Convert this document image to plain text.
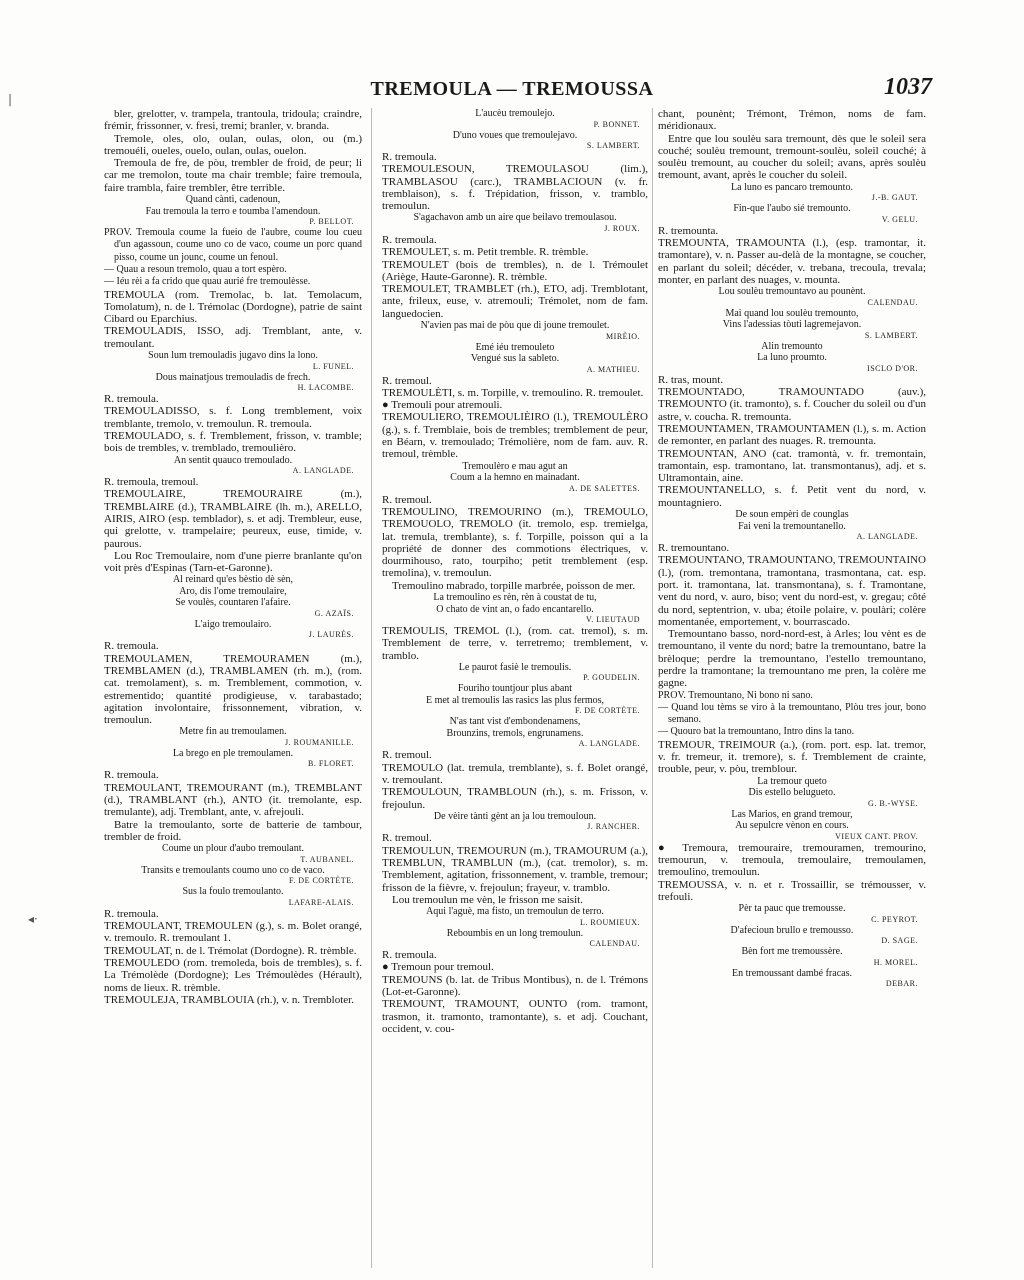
|
◂·
TREMOULA — TREMOUSSA	1037

bler, grelotter, v. trampela, trantoula, tridoula; craindre, frémir, frissonner, v. fresi, tremi; branler, v. branda.

Tremole, oles, olo, oulan, oulas, olon, ou (m.) tremouéli, oueles, ouelo, oulan, oulas, ouelon.

Tremoula de fre, de pòu, trembler de froid, de peur; li car me tremolon, toute ma chair tremble; faire tremoula, faire trambla, faire trembler, être terrible.

Quand cànti, cadenoun,

Fau tremoula la terro e toumba l'amendoun.

P. BELLOT.

PROV. Tremoula coume la fueio de l'aubre, coume lou cueu d'un agassoun, coume uno co de vaco, coume un porc quand pisso, coume un jounc, coume un fenoul.

— Quau a resoun tremolo, quau a tort espèro.

— Iéu rèi a fa crido que quau aurié fre tremoulèsse.

TREMOULA (rom. Tremolac, b. lat. Temolacum, Tomolatum), n. de l. Trémolac (Dordogne), patrie de saint Cibard ou Eparchius.

TREMOULADIS, ISSO, adj. Tremblant, ante, v. tremoulant.

Soun lum tremouladis jugavo dins la lono.

L. FUNEL.

Dous mainatjous tremouladis de frech.

H. LACOMBE.

R. tremoula.

TREMOULADISSO, s. f. Long tremblement, voix tremblante, tremolo, v. tremoulun. R. tremoula.

TREMOULADO, s. f. Tremblement, frisson, v. tramble; bois de trembles, v. tremblado, tremoulièro.

An sentit quauco tremoulado.

A. LANGLADE.

R. tremoula, tremoul.

TREMOULAIRE, TREMOURAIRE (m.), TREMBLAIRE (d.), TRAMBLAIRE (lh. m.), ARELLO, AIRIS, AIRO (esp. temblador), s. et adj. Trembleur, euse, qui grelotte, v. trampelaire; peureux, euse, timide, v. paurous.

Lou Roc Tremoulaire, nom d'une pierre branlante qu'on voit près d'Espinas (Tarn-et-Garonne).

Al reinard qu'es bèstio dè sèn,

Aro, dis l'ome tremoulaire,

Se voulès, countaren l'afaire.

G. AZAÏS.

L'aigo tremoulairo.

J. LAURÈS.

R. tremoula.

TREMOULAMEN, TREMOURAMEN (m.), TREMBLAMEN (d.), TRAMBLAMEN (rh. m.), (rom. cat. tremolament), s. m. Tremblement, commotion, v. estrementido; quantité prodigieuse, v. tarabastado; agitation involontaire, frissonnement, vibration, v. tremoulun.

Metre fin au tremoulamen.

J. ROUMANILLE.

La brego en ple tremoulamen.

B. FLORET.

R. tremoula.

TREMOULANT, TREMOURANT (m.), TREMBLANT (d.), TRAMBLANT (rh.), ANTO (it. tremolante, esp. tremulante), adj. Tremblant, ante, v. afrejouli.

Batre la tremoulanto, sorte de batterie de tambour, trembler de froid.

Coume un plour d'aubo tremoulant.

T. AUBANEL.

Transits e tremoulants coumo uno co de vaco.

F. DE CORTÈTE.

Sus la foulo tremoulanto.

LAFARE-ALAIS.

R. tremoula.

TREMOULANT, TREMOULEN (g.), s. m. Bolet orangé, v. tremoulo. R. tremoulant 1.

TREMOULAT, n. de l. Trémolat (Dordogne). R. trèmble.

TREMOULEDO (rom. tremoleda, bois de trembles), s. f. La Trémolède (Dordogne); Les Trémoulèdes (Hérault), noms de lieux. R. trèmble.

TREMOULEJA, TRAMBLOUIA (rh.), v. n. Trembloter.

L'aucèu tremoulejo.

P. BONNET.

D'uno voues que tremoulejavo.

S. LAMBERT.

R. tremoula.

TREMOULESOUN, TREMOULASOU (lim.), TRAMBLASOU (carc.), TRAMBLACIOUN (v. fr. tremblaison), s. f. Trépidation, frisson, v. tramblo, tremoulun.

S'agachavon amb un aire que beilavo tremoulasou.

J. ROUX.

R. tremoula.

TREMOULET, s. m. Petit tremble. R. trèmble.

TREMOULET (bois de trembles), n. de l. Trémoulet (Ariège, Haute-Garonne). R. trèmble.

TREMOULET, TRAMBLET (rh.), ETO, adj. Tremblotant, ante, frileux, euse, v. atremouli; Trémolet, nom de fam. languedocien.

N'avien pas mai de pòu que di joune tremoulet.

MIRÈIO.

Emé iéu tremouleto

Vengué sus la sableto.

A. MATHIEU.

R. tremoul.

TREMOULÈTI, s. m. Torpille, v. tremoulino. R. tremoulet.

● Tremouli pour atremouli.

TREMOULIERO, TREMOULIÈIRO (l.), TREMOULÈRO (g.), s. f. Tremblaie, bois de trembles; tremblement de peur, en Béarn, v. tremoulado; Trémolière, nom de fam. auv. R. tremoul, trèmble.

Tremoulèro e mau agut an

Coum a la hemno en mainadant.

A. DE SALETTES.

R. tremoul.

TREMOULINO, TREMOURINO (m.), TREMOULO, TREMOUOLO, TREMOLO (it. tremolo, esp. tremielga, lat. tremula, tremblante), s. f. Torpille, poisson qui a la propriété de donner des commotions électriques, v. dourmihouso, rato, tourpiho; petit tremblement (esp. tremolina), v. tremoulun.

Tremoulino mabrado, torpille marbrée, poisson de mer.

La tremoulino es rèn, rèn à coustat de tu,

O chato de vint an, o fado encantarello.

V. LIEUTAUD

TREMOULIS, TREMOL (l.), (rom. cat. tremol), s. m. Tremblement de terre, v. terretremo; tremblement, v. tramblo.

Le paurot fasiè le tremoulis.

P. GOUDELIN.

Fouriho tountjour plus abant

E met al tremoulis las rasics las plus fermos,

F. DE CORTÈTE.

N'as tant vist d'embondenamens,

Brounzins, tremols, engrunamens.

A. LANGLADE.

R. tremoul.

TREMOULO (lat. tremula, tremblante), s. f. Bolet orangé, v. tremoulant.

TREMOULOUN, TRAMBLOUN (rh.), s. m. Frisson, v. frejoulun.

De vèire tànti gènt an ja lou tremouloun.

J. RANCHER.

R. tremoul.

TREMOULUN, TREMOURUN (m.), TRAMOURUM (a.), TREMBLUN, TRAMBLUN (m.), (cat. tremolor), s. m. Tremblement, agitation, frissonnement, v. tramble, tremour; frisson de la fièvre, v. frejoulun; frayeur, v. tramblo.

Lou tremoulun me vèn, le frisson me saisit.

Aqui l'aguè, ma fisto, un tremoulun de terro.

L. ROUMIEUX.

Reboumbis en un long tremoulun.

CALENDAU.

R. tremoula.

● Tremoun pour tremoul.

TREMOUNS (b. lat. de Tribus Montibus), n. de l. Trémons (Lot-et-Garonne).

TREMOUNT, TRAMOUNT, OUNTO (rom. tramont, trasmon, it. tramonto, tramontante), s. et adj. Couchant, occident, v. cou-

chant, pounènt; Trémont, Trémon, noms de fam. méridionaux.

Entre que lou soulèu sara tremount, dès que le soleil sera couché; soulèu tremount, tremount-soulèu, soleil couché; à soulèu tremount, au coucher du soleil; avans, après soulèu tremount, avant, après le coucher du soleil.

La luno es pancaro tremounto.

J.-B. GAUT.

Fin-que l'aubo sié tremounto.

V. GELU.

R. tremounta.

TREMOUNTA, TRAMOUNTA (l.), (esp. tramontar, it. tramontare), v. n. Passer au-delà de la montagne, se coucher, en parlant du soleil; décéder, v. trebana, trecoula, trevala; monter, en parlant des nuages, v. mounta.

Lou soulèu tremountavo au pounènt.

CALENDAU.

Mai quand lou soulèu tremounto,

Vins l'adessias tòuti lagremejavon.

S. LAMBERT.

Alin tremounto

La luno proumto.

ISCLO D'OR.

R. tras, mount.

TREMOUNTADO, TRAMOUNTADO (auv.), TREMOUNTO (it. tramonto), s. f. Coucher du soleil ou d'un astre, v. coucha. R. tremounta.

TREMOUNTAMEN, TRAMOUNTAMEN (l.), s. m. Action de remonter, en parlant des nuages. R. tremounta.

TREMOUNTAN, ANO (cat. tramontà, v. fr. tremontain, tramontain, esp. tramontano, lat. transmontanus), adj. et s. Ultramontain, aine.

TREMOUNTANELLO, s. f. Petit vent du nord, v. mountagniero.

De soun empèri de counglas

Fai veni la tremountanello.

A. LANGLADE.

R. tremountano.

TREMOUNTANO, TRAMOUNTANO, TREMOUNTAINO (l.), (rom. tremontana, tramontana, trasmontana, cat. esp. port. it. tramontana, lat. transmontana), s. f. Tramontane, vent du nord, v. auro, biso; vent du nord-est, v. gregau; côté du nord, septentrion, v. uba; étoile polaire, v. poulàri; colère momentanée, emportement, v. bourrascado.

Tremountano basso, nord-nord-est, à Arles; lou vènt es de tremountano, il vente du nord; batre la tremountano, batre la brèloque; perdre la tremountano, l'estello tremountano, perdre la tramontane; la tremountano me pren, la colère me gagne.

PROV. Tremountano, Ni bono ni sano.

— Quand lou tèms se viro à la tremountano, Plòu tres jour, bono semano.

— Quouro bat la tremountano, Intro dins la tano.

TREMOUR, TREIMOUR (a.), (rom. port. esp. lat. tremor, v. fr. tremeur, it. tremore), s. f. Tremblement de crainte, trouble, peur, v. pòu, tremblour.

La tremour queto

Dis estello belugueto.

G. B.-WYSE.

Las Marios, en grand tremour,

Au sepulcre vènon en cours.

VIEUX CANT. PROV.

● Tremoura, tremouraire, tremouramen, tremourino, tremourun, v. tremoula, tremoulaire, tremoulamen, tremoulino, tremoulun.

TREMOUSSA, v. n. et r. Trossaillir, se trémousser, v. trefouli.

Pèr ta pauc que tremousse.

C. PEYROT.

D'afecioun brullo e tremousso.

D. SAGE.

Bèn fort me tremoussère.

H. MOREL.

En tremoussant dambé fracas.

DEBAR.
